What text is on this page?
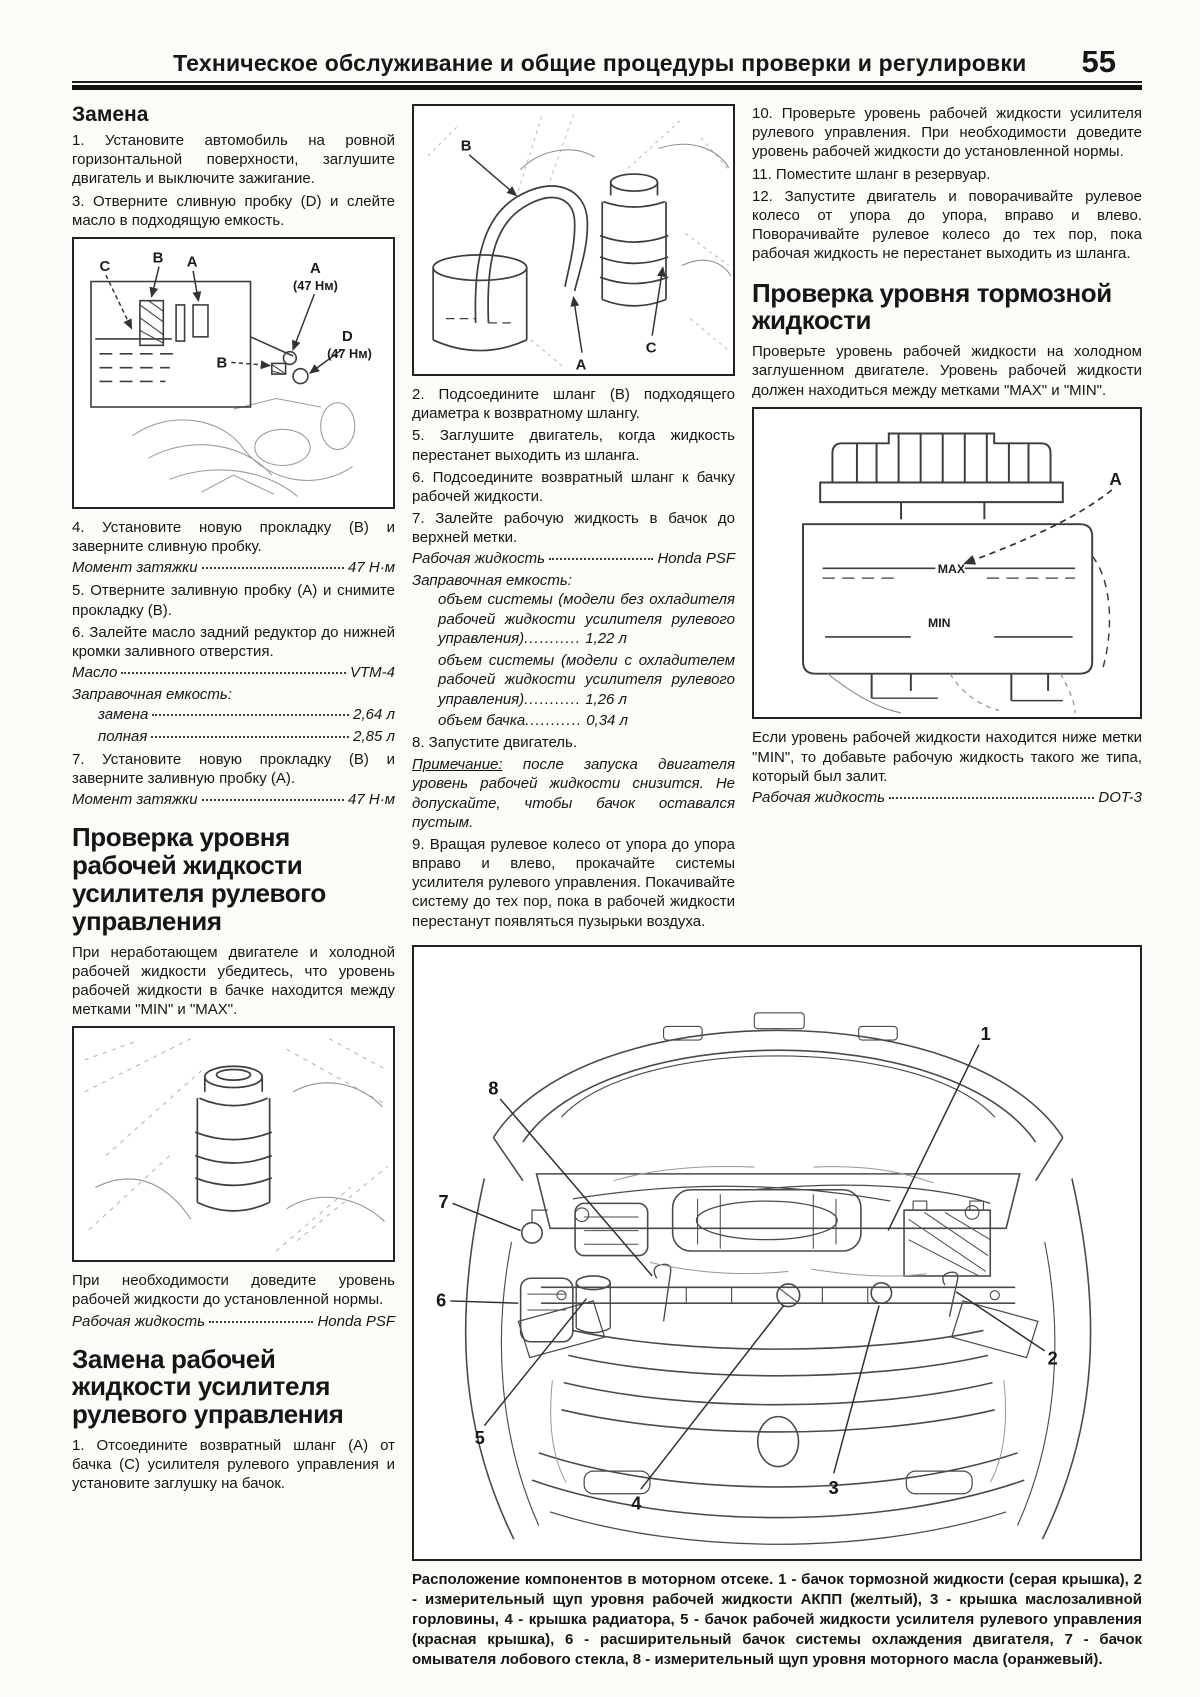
Техническое обслуживание и общие процедуры проверки и регулировки	55
Замена

1. Установите автомобиль на ровной горизонтальной поверхности, заглушите двигатель и выключите зажигание.

3. Отверните сливную пробку (D) и слейте масло в подходящую емкость.

C
B A	A
(47 Нм)
B
D
(47 Нм)

4. Установите новую прокладку (B) и заверните сливную пробку.

Момент затяжки	47 Н·м

5. Отверните заливную пробку (A) и снимите прокладку (B).

6. Залейте масло задний редуктор до нижней кромки заливного отверстия.

Масло	VTM-4
Заправочная емкость:
замена	2,64 л
полная	2,85 л

7. Установите новую прокладку (B) и заверните заливную пробку (A).

Момент затяжки	47 Н·м
Проверка уровня рабочей жидкости усилителя рулевого управления

При неработающем двигателе и холодной рабочей жидкости убедитесь, что уровень рабочей жидкости в бачке находится между метками "MIN" и "MAX".

При необходимости доведите уровень рабочей жидкости до установленной нормы.

Рабочая жидкость	Honda PSF
Замена рабочей жидкости усилителя рулевого управления

1. Отсоедините возвратный шланг (A) от бачка (C) усилителя рулевого управления и установите заглушку на бачок.

B
C
A

2. Подсоедините шланг (B) подходящего диаметра к возвратному шлангу.

5. Заглушите двигатель, когда жидкость перестанет выходить из шланга.

6. Подсоедините возвратный шланг к бачку рабочей жидкости.

7. Залейте рабочую жидкость в бачок до верхней метки.

Рабочая жидкость	Honda PSF
Заправочная емкость:
объем системы (модели без охладителя рабочей жидкости усилителя рулевого управления) .....	1,22 л
объем системы (модели с охладителем рабочей жидкости усилителя рулевого управления) .....	1,26 л
объем бачка .....	0,34 л

8. Запустите двигатель.

Примечание: после запуска двигателя уровень рабочей жидкости снизится. Не допускайте, чтобы бачок оставался пустым.

9. Вращая рулевое колесо от упора до упора вправо и влево, прокачайте системы усилителя рулевого управления. Покачивайте систему до тех пор, пока в рабочей жидкости перестанут появляться пузырьки воздуха.

10. Проверьте уровень рабочей жидкости усилителя рулевого управления. При необходимости доведите уровень рабочей жидкости до установленной нормы.

11. Поместите шланг в резервуар.

12. Запустите двигатель и поворачивайте рулевое колесо от упора до упора, вправо и влево. Поворачивайте рулевое колесо до тех пор, пока рабочая жидкость не перестанет выходить из шланга.

Проверка уровня тормозной жидкости

Проверьте уровень рабочей жидкости на холодном заглушенном двигателе. Уровень рабочей жидкости должен находиться между метками "MAX" и "MIN".

A
MAX
MIN

Если уровень рабочей жидкости находится ниже метки "MIN", то добавьте рабочую жидкость такого же типа, который был залит.

Рабочая жидкость	DOT-3
1
2
3
4
5
6
7
8

Расположение компонентов в моторном отсеке. 1 - бачок тормозной жидкости (серая крышка), 2 - измерительный щуп уровня рабочей жидкости АКПП (желтый), 3 - крышка маслозаливной горловины, 4 - крышка радиатора, 5 - бачок рабочей жидкости усилителя рулевого управления (красная крышка), 6 - расширительный бачок системы охлаждения двигателя, 7 - бачок омывателя лобового стекла, 8 - измерительный щуп уровня моторного масла (оранжевый).
